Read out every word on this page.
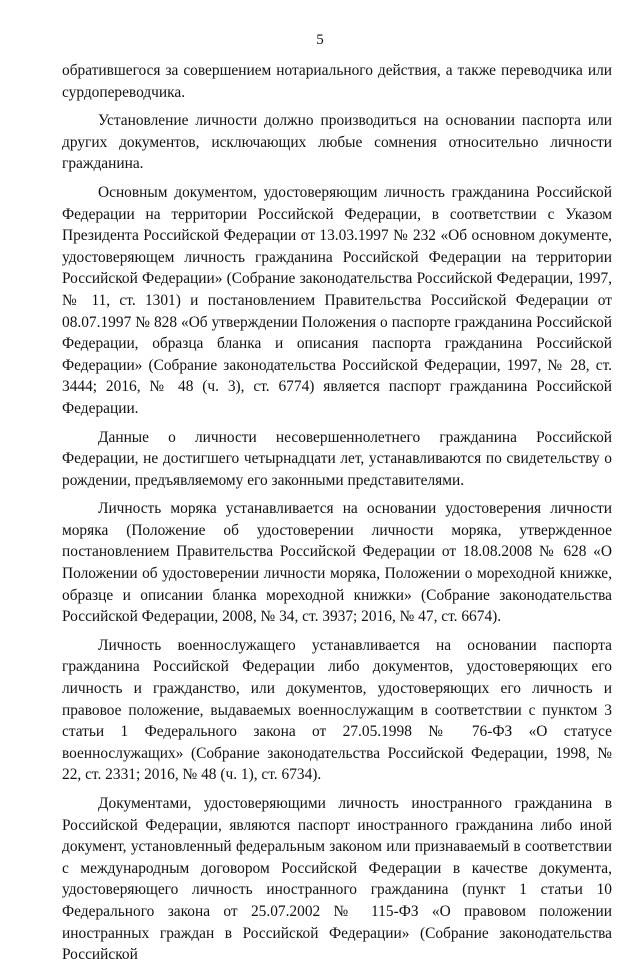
5

обратившегося за совершением нотариального действия, а также переводчика или сурдопереводчика.

Установление личности должно производиться на основании паспорта или других документов, исключающих любые сомнения относительно личности гражданина.

Основным документом, удостоверяющим личность гражданина Российской Федерации на территории Российской Федерации, в соответствии с Указом Президента Российской Федерации от 13.03.1997 № 232 «Об основном документе, удостоверяющем личность гражданина Российской Федерации на территории Российской Федерации» (Собрание законодательства Российской Федерации, 1997, № 11, ст. 1301) и постановлением Правительства Российской Федерации от 08.07.1997 № 828 «Об утверждении Положения о паспорте гражданина Российской Федерации, образца бланка и описания паспорта гражданина Российской Федерации» (Собрание законодательства Российской Федерации, 1997, № 28, ст. 3444; 2016, № 48 (ч. 3), ст. 6774) является паспорт гражданина Российской Федерации.

Данные о личности несовершеннолетнего гражданина Российской Федерации, не достигшего четырнадцати лет, устанавливаются по свидетельству о рождении, предъявляемому его законными представителями.

Личность моряка устанавливается на основании удостоверения личности моряка (Положение об удостоверении личности моряка, утвержденное постановлением Правительства Российской Федерации от 18.08.2008 № 628 «О Положении об удостоверении личности моряка, Положении о мореходной книжке, образце и описании бланка мореходной книжки» (Собрание законодательства Российской Федерации, 2008, № 34, ст. 3937; 2016, № 47, ст. 6674).

Личность военнослужащего устанавливается на основании паспорта гражданина Российской Федерации либо документов, удостоверяющих его личность и гражданство, или документов, удостоверяющих его личность и правовое положение, выдаваемых военнослужащим в соответствии с пунктом 3 статьи 1 Федерального закона от 27.05.1998 № 76-ФЗ «О статусе военнослужащих» (Собрание законодательства Российской Федерации, 1998, № 22, ст. 2331; 2016, № 48 (ч. 1), ст. 6734).

Документами, удостоверяющими личность иностранного гражданина в Российской Федерации, являются паспорт иностранного гражданина либо иной документ, установленный федеральным законом или признаваемый в соответствии с международным договором Российской Федерации в качестве документа, удостоверяющего личность иностранного гражданина (пункт 1 статьи 10 Федерального закона от 25.07.2002 № 115-ФЗ «О правовом положении иностранных граждан в Российской Федерации» (Собрание законодательства Российской
